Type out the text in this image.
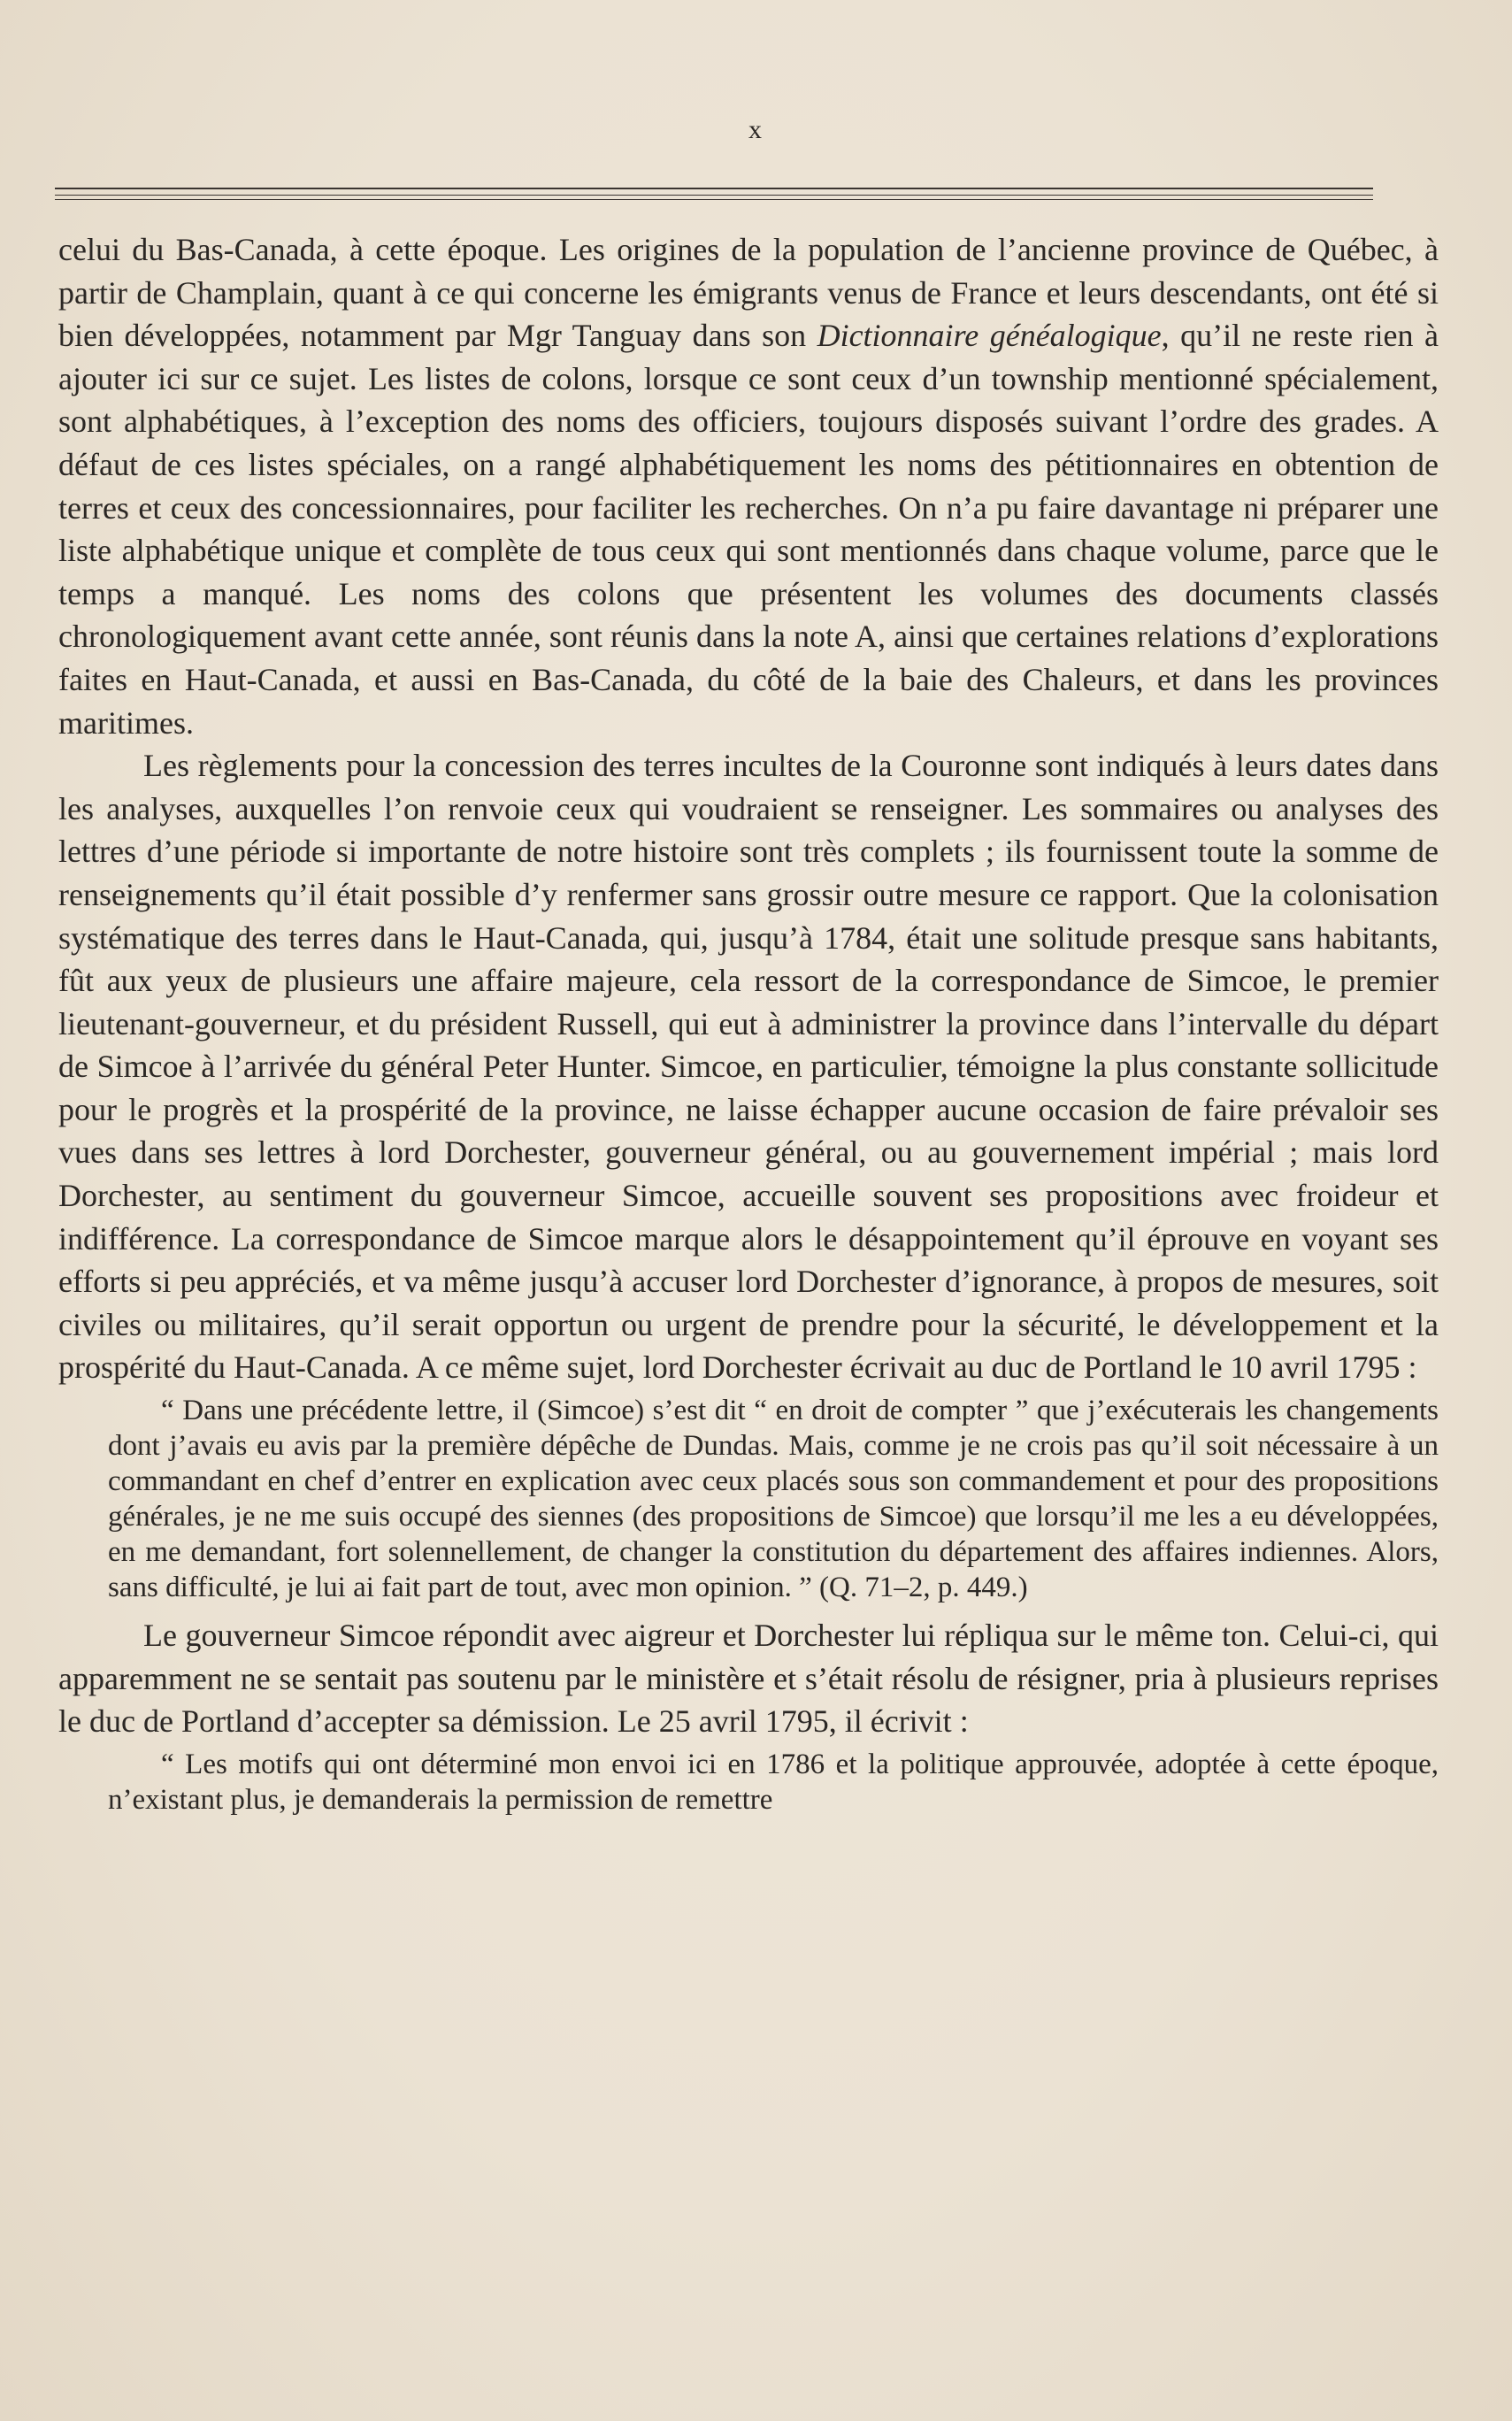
x

celui du Bas-Canada, à cette époque. Les origines de la population de l’ancienne province de Québec, à partir de Champlain, quant à ce qui concerne les émigrants venus de France et leurs descendants, ont été si bien développées, notamment par Mgr Tanguay dans son Dictionnaire généalogique, qu’il ne reste rien à ajouter ici sur ce sujet. Les listes de colons, lorsque ce sont ceux d’un township mentionné spécialement, sont alphabétiques, à l’exception des noms des officiers, toujours disposés suivant l’ordre des grades. A défaut de ces listes spéciales, on a rangé alphabétiquement les noms des pétitionnaires en obtention de terres et ceux des concessionnaires, pour faciliter les recherches. On n’a pu faire davantage ni préparer une liste alphabétique unique et complète de tous ceux qui sont mentionnés dans chaque volume, parce que le temps a manqué. Les noms des colons que présentent les volumes des documents classés chronologiquement avant cette année, sont réunis dans la note A, ainsi que certaines relations d’explorations faites en Haut-Canada, et aussi en Bas-Canada, du côté de la baie des Chaleurs, et dans les provinces maritimes.

Les règlements pour la concession des terres incultes de la Couronne sont indiqués à leurs dates dans les analyses, auxquelles l’on renvoie ceux qui voudraient se renseigner. Les sommaires ou analyses des lettres d’une période si importante de notre histoire sont très complets ; ils fournissent toute la somme de renseignements qu’il était possible d’y renfermer sans grossir outre mesure ce rapport. Que la colonisation systématique des terres dans le Haut-Canada, qui, jusqu’à 1784, était une solitude presque sans habitants, fût aux yeux de plusieurs une affaire majeure, cela ressort de la correspondance de Simcoe, le premier lieutenant-gouverneur, et du président Russell, qui eut à administrer la province dans l’intervalle du départ de Simcoe à l’arrivée du général Peter Hunter. Simcoe, en particulier, témoigne la plus constante sollicitude pour le progrès et la prospérité de la province, ne laisse échapper aucune occasion de faire prévaloir ses vues dans ses lettres à lord Dorchester, gouverneur général, ou au gouvernement impérial ; mais lord Dorchester, au sentiment du gouverneur Simcoe, accueille souvent ses propositions avec froideur et indifférence. La correspondance de Simcoe marque alors le désappointement qu’il éprouve en voyant ses efforts si peu appréciés, et va même jusqu’à accuser lord Dorchester d’ignorance, à propos de mesures, soit civiles ou militaires, qu’il serait opportun ou urgent de prendre pour la sécurité, le développement et la prospérité du Haut-Canada. A ce même sujet, lord Dorchester écrivait au duc de Portland le 10 avril 1795 :

“ Dans une précédente lettre, il (Simcoe) s’est dit “ en droit de compter ” que j’exécuterais les changements dont j’avais eu avis par la première dépêche de Dundas. Mais, comme je ne crois pas qu’il soit nécessaire à un commandant en chef d’entrer en explication avec ceux placés sous son commandement et pour des propositions générales, je ne me suis occupé des siennes (des propositions de Simcoe) que lorsqu’il me les a eu développées, en me demandant, fort solennellement, de changer la constitution du département des affaires indiennes. Alors, sans difficulté, je lui ai fait part de tout, avec mon opinion. ” (Q. 71–2, p. 449.)

Le gouverneur Simcoe répondit avec aigreur et Dorchester lui répliqua sur le même ton. Celui-ci, qui apparemment ne se sentait pas soutenu par le ministère et s’était résolu de résigner, pria à plusieurs reprises le duc de Portland d’accepter sa démission. Le 25 avril 1795, il écrivit :

“ Les motifs qui ont déterminé mon envoi ici en 1786 et la politique approuvée, adoptée à cette époque, n’existant plus, je demanderais la permission de remettre
